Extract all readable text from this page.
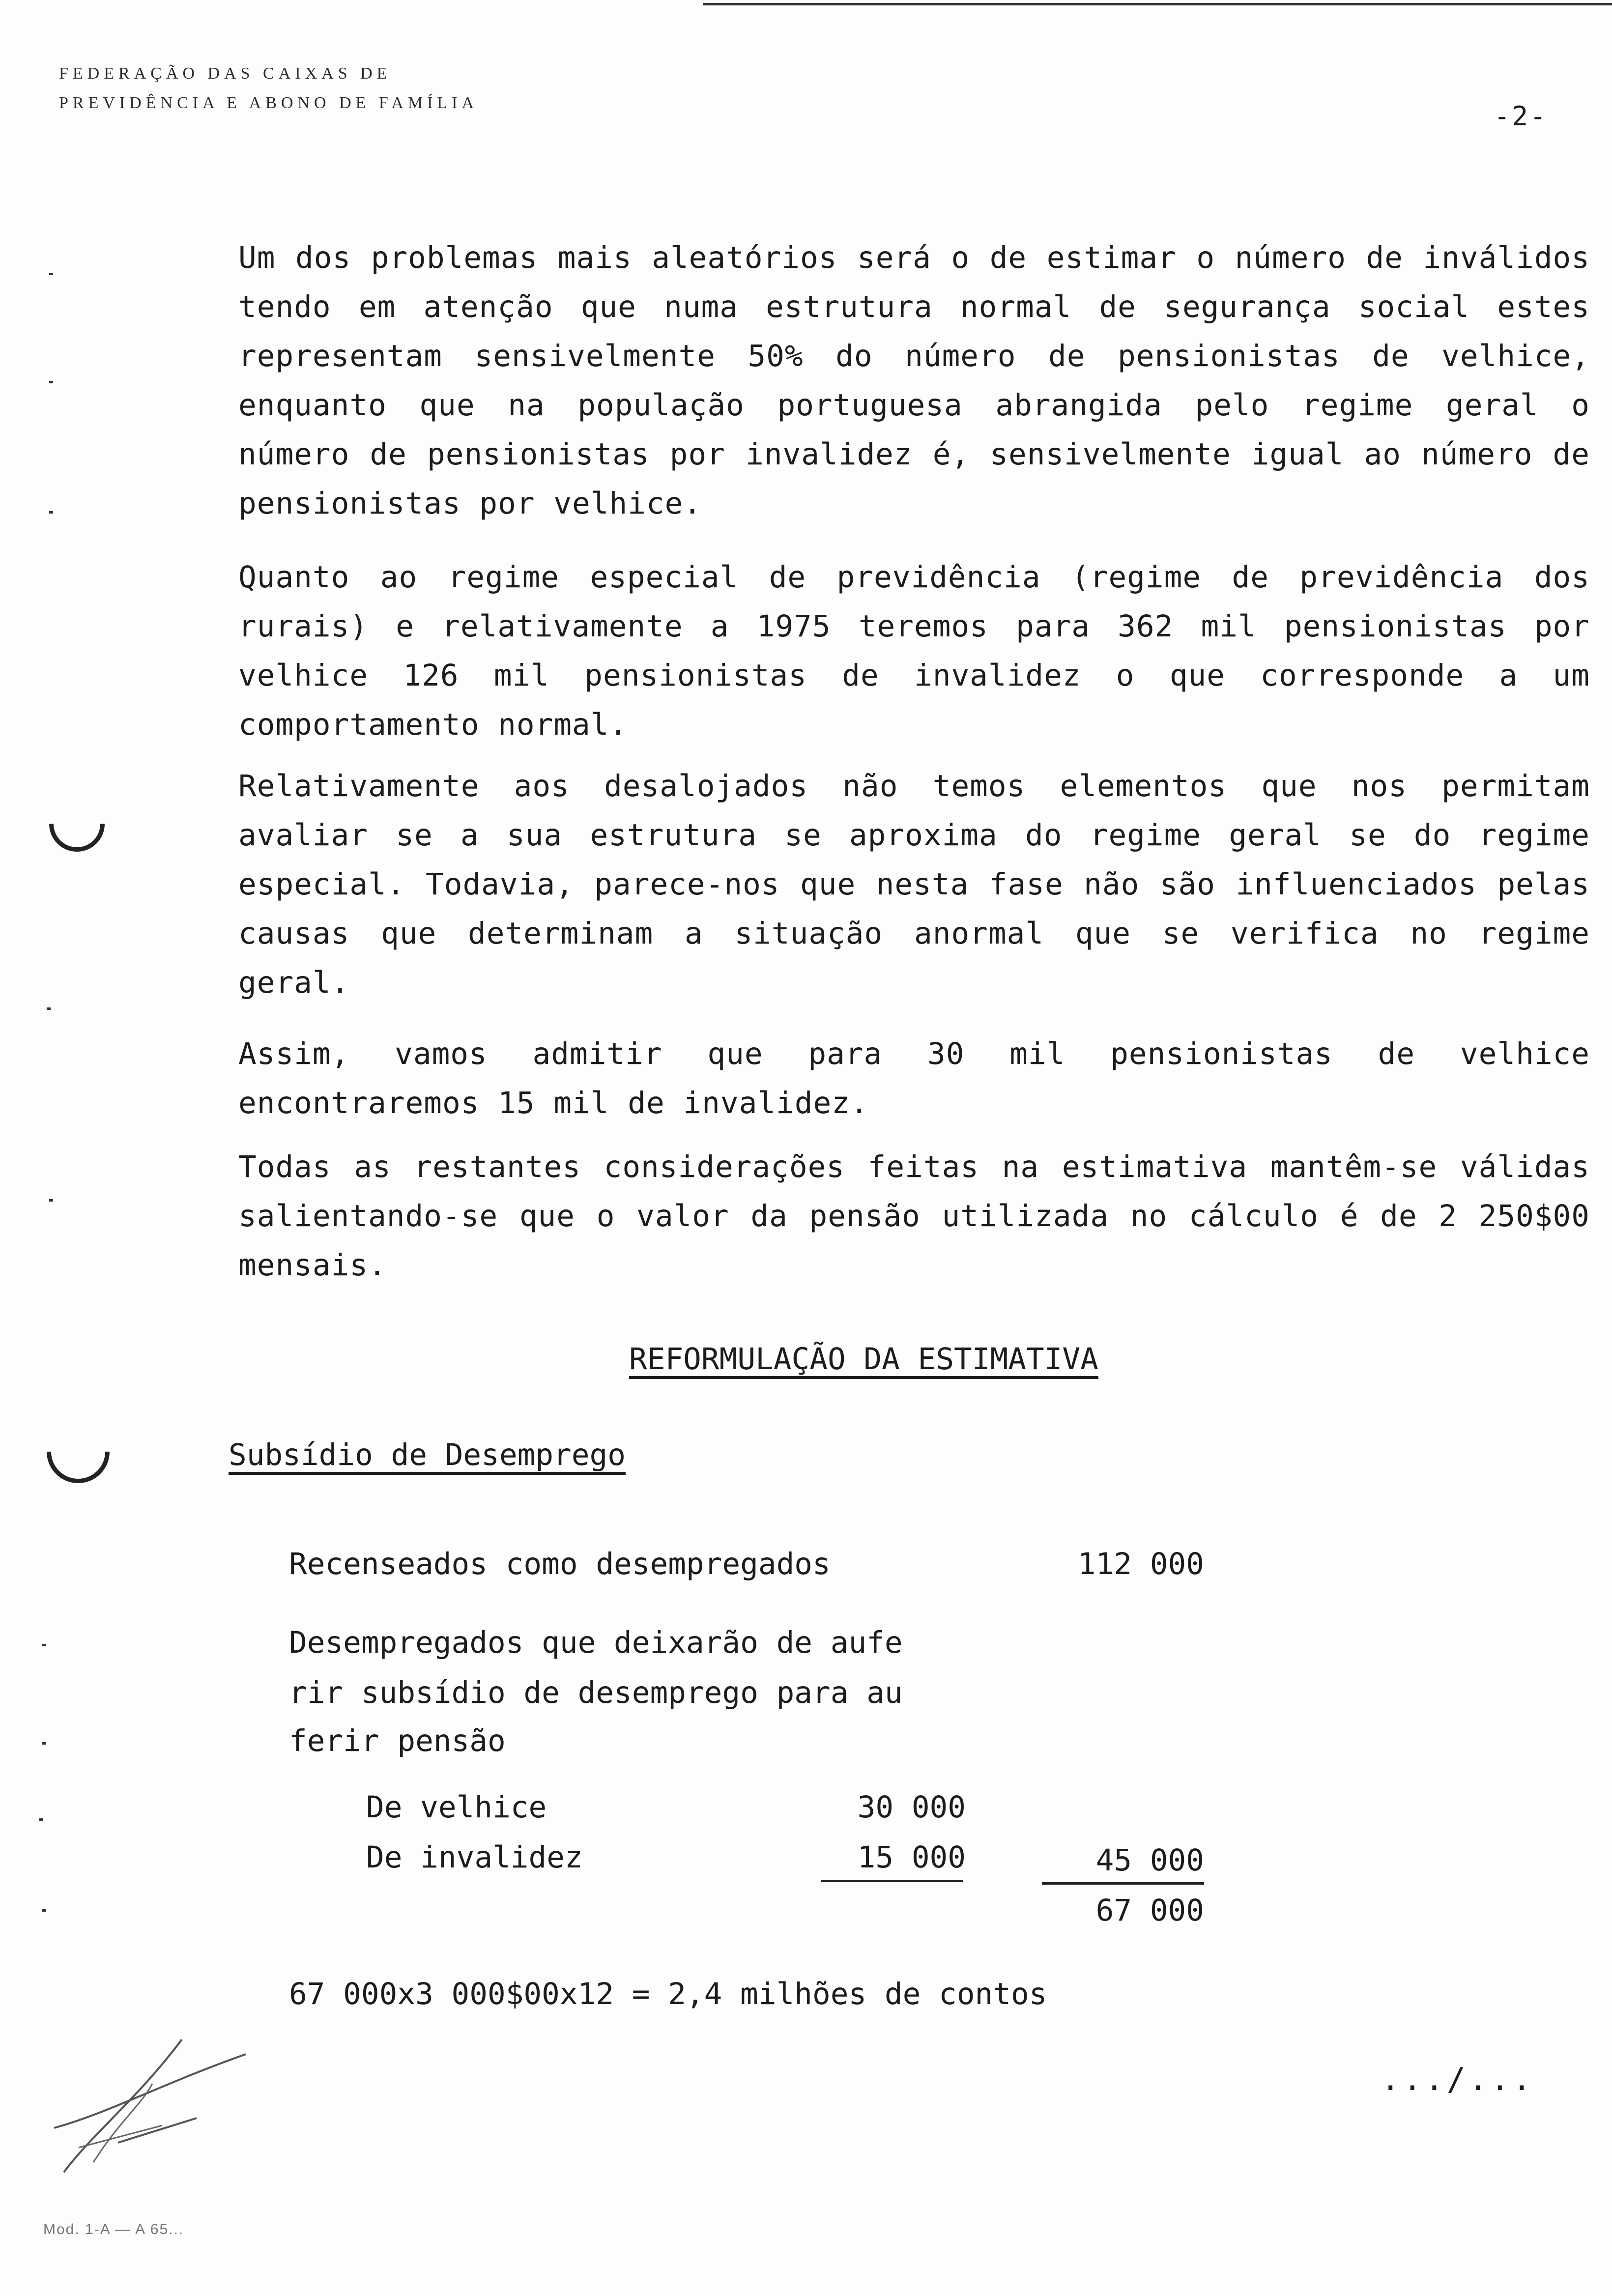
FEDERAÇÃO DAS CAIXAS DE
PREVIDÊNCIA E ABONO DE FAMÍLIA	-2-

Um dos problemas mais aleatórios será o de estimar o número de inválidos tendo em atenção que numa estrutura normal de segurança social estes representam sensivelmente 50% do número de pensionistas de velhice, enquanto que na população portuguesa abrangida pelo regime geral o número de pensionistas por invalidez é, sensivelmente igual ao número de pensionistas por velhice.

Quanto ao regime especial de previdência (regime de previdência dos rurais) e relativamente a 1975 teremos para 362 mil pensionistas por velhice 126 mil pensionistas de invalidez o que corresponde a um comportamento normal.

Relativamente aos desalojados não temos elementos que nos permitam avaliar se a sua estrutura se aproxima do regime geral se do regime especial. Todavia, parece-nos que nesta fase não são influenciados pelas causas que determinam a situação anormal que se verifica no regime geral.

Assim, vamos admitir que para 30 mil pensionistas de velhice encontraremos 15 mil de invalidez.

Todas as restantes considerações feitas na estimativa mantêm-se válidas salientando-se que o valor da pensão utilizada no cálculo é de 2 250$00 mensais.

REFORMULAÇÃO DA ESTIMATIVA

Subsídio de Desemprego

Recenseados como desempregados	112 000
Desempregados que deixarão de aufe
rir subsídio de desemprego para au
ferir pensão
De velhice	30 000
De invalidez	15 000	45 000
67 000
67 000x3 000$00x12 = 2,4 milhões de contos
.../...
Mod. 1-A — A 65...
